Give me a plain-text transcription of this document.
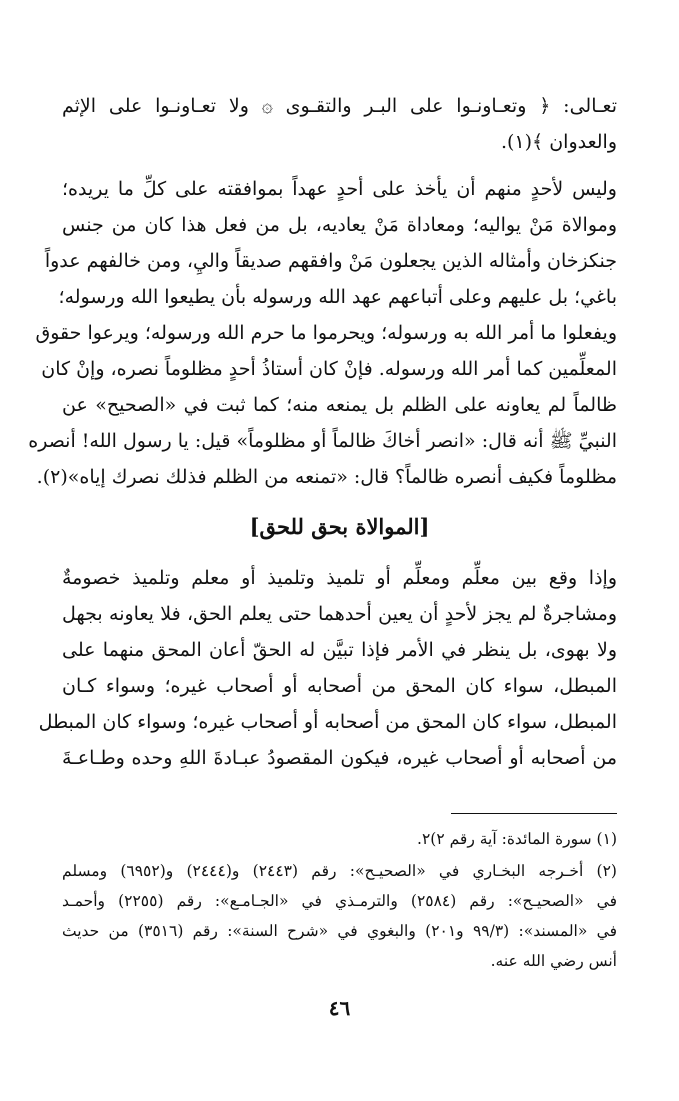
تعـالى: ﴿ وتعـاونـوا على البـر والتقـوى ۞ ولا تعـاونـوا على الإثم
والعدوان ﴾(١).
وليس لأحدٍ منهم أن يأخذ على أحدٍ عهداً بموافقته على كلِّ ما يريده؛
وموالاة مَنْ يواليه؛ ومعاداة مَنْ يعاديه، بل من فعل هذا كان من جنس
جنكزخان وأمثاله الذين يجعلون مَنْ وافقهم صديقاً واليِ، ومن خالفهم عدواً
باغي؛ بل عليهم وعلى أتباعهم عهد الله ورسوله بأن يطيعوا الله ورسوله؛
ويفعلوا ما أمر الله به ورسوله؛ ويحرموا ما حرم الله ورسوله؛ ويرعوا حقوق
المعلِّمين كما أمر الله ورسوله. فإنْ كان أستاذُ أحدٍ مظلوماً نصره، وإنْ كان
ظالماً لم يعاونه على الظلم بل يمنعه منه؛ كما ثبت في «الصحيح» عن
النبيِّ ﷺ أنه قال: «انصر أخاكَ ظالماً أو مظلوماً» قيل: يا رسول الله! أنصره
مظلوماً فكيف أنصره ظالماً؟ قال: «تمنعه من الظلم فذلك نصرك إياه»(٢).
[الموالاة بحق للحق]
وإذا وقع بين معلِّم ومعلِّم أو تلميذ وتلميذ أو معلم وتلميذ خصومةٌ
ومشاجرةٌ لم يجز لأحدٍ أن يعين أحدهما حتى يعلم الحق، فلا يعاونه بجهل
ولا بهوى، بل ينظر في الأمر فإذا تبيَّن له الحقّ أعان المحق منهما على
المبطل، سواء كان المحق من أصحابه أو أصحاب غيره؛ وسواء كـان
المبطل، سواء كان المحق من أصحابه أو أصحاب غيره؛ وسواء كان المبطل
من أصحابه أو أصحاب غيره، فيكون المقصودُ عبـادةَ اللهِ وحده وطـاعـةَ
(١) سورة المائدة: آية رقم ٢)٢.
(٢) أخـرجه البخـاري في «الصحيـح»: رقم (٢٤٤٣) و(٢٤٤٤) و(٦٩٥٢) ومسلم
في «الصحيـح»: رقم (٢٥٨٤) والترمـذي في «الجـامـع»: رقم (٢٢٥٥) وأحمـد
في «المسند»: (٩٩/٣ و٢٠١) والبغوي في «شرح السنة»: رقم (٣٥١٦) من حديث
أنس رضي الله عنه.
٤٦
